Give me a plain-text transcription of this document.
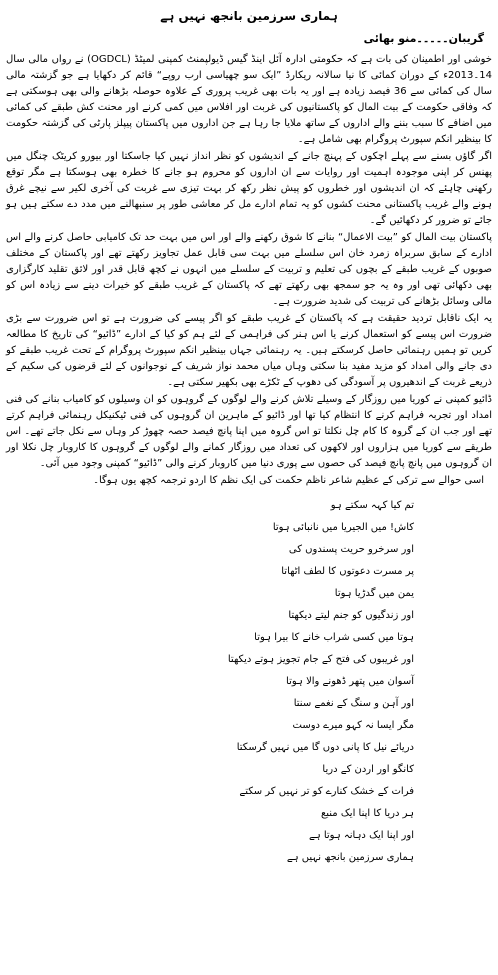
ہماری سرزمین بانجھ نہیں ہے
گریبان۔۔۔۔۔منو بھائی

خوشی اور اطمینان کی بات ہے کہ حکومتی ادارہ آئل اینڈ گیس ڈیولپمنٹ کمپنی لمیٹڈ (OGDCL) نے رواں مالی سال 14۔2013ء کے دوران کمائی کا نیا سالانہ ریکارڈ ”ایک سو چھیاسی ارب روپے“ قائم کر دکھایا ہے جو گزشتہ مالی سال کی کمائی سے 36 فیصد زیادہ ہے اور یہ بات بھی غریب پروری کے علاوہ حوصلہ بڑھانے والی بھی ہوسکتی ہے کہ وفاقی حکومت کے بیت المال کو پاکستانیوں کی غربت اور افلاس میں کمی کرنے اور محنت کش طبقے کی کمائی میں اضافے کا سبب بننے والے اداروں کے ساتھ ملایا جا رہا ہے جن اداروں میں پاکستان پیپلز پارٹی کی گزشتہ حکومت کا بینظیر انکم سپورٹ پروگرام بھی شامل ہے۔

اگر گاؤں بسنے سے پہلے اچکوں کے پہنچ جانے کے اندیشوں کو نظر انداز نہیں کیا جاسکتا اور بیورو کریٹک چنگل میں پھنس کر اپنی موجودہ اہمیت اور روایات سے ان اداروں کو محروم ہو جانے کا خطرہ بھی ہوسکتا ہے مگر توقع رکھنی چاہئے کہ ان اندیشوں اور خطروں کو پیش نظر رکھ کر بہت تیزی سے غربت کی آخری لکیر سے نیچے غرق ہونے والے غریب پاکستانی محنت کشوں کو یہ تمام ادارے مل کر معاشی طور پر سنبھالنے میں مدد دے سکتے ہیں ہو جائے تو ضرور کر دکھائیں گے۔

پاکستان بیت المال کو ”بیت الاعمال“ بنانے کا شوق رکھنے والے اور اس میں بہت حد تک کامیابی حاصل کرنے والے اس ادارے کے سابق سربراہ زمرد خان اس سلسلے میں بہت سی قابل عمل تجاویز رکھتے تھے اور پاکستان کے مختلف صوبوں کے غریب طبقے کے بچوں کی تعلیم و تربیت کے سلسلے میں انہوں نے کچھ قابل قدر اور لائق تقلید کارگزاری بھی دکھائی تھی اور وہ یہ جو سمجھ بھی رکھتے تھے کہ پاکستان کے غریب طبقے کو خیرات دینے سے زیادہ اس کو مالی وسائل بڑھانے کی تربیت کی شدید ضرورت ہے۔

یہ ایک ناقابل تردید حقیقت ہے کہ پاکستان کے غریب طبقے کو اگر پیسے کی ضرورت ہے تو اس ضرورت سے بڑی ضرورت اس پیسے کو استعمال کرنے یا اس ہنر کی فراہمی کے لئے ہم کو کیا کے ادارے ”ڈائیو“ کی تاریخ کا مطالعہ کریں تو ہمیں رہنمائی حاصل کرسکتے ہیں۔ یہ رہنمائی جہاں بینظیر انکم سپورٹ پروگرام کے تحت غریب طبقے کو دی جانے والی امداد کو مزید مفید بنا سکتی وہاں میاں محمد نواز شریف کے نوجوانوں کے لئے قرضوں کی سکیم کے ذریعے غربت کے اندھیروں پر آسودگی کی دھوپ کے ٹکڑے بھی بکھیر سکتی ہے۔

ڈائیو کمپنی نے کوریا میں روزگار کے وسیلے تلاش کرنے والے لوگوں کے گروہوں کو ان وسیلوں کو کامیاب بنانے کی فنی امداد اور تجربہ فراہم کرنے کا انتظام کیا تھا اور ڈائیو کے ماہرین ان گروہوں کی فنی ٹیکنیکل رہنمائی فراہم کرتے تھے اور جب ان کے گروہ کا کام چل نکلتا تو اس گروہ میں اپنا پانچ فیصد حصہ چھوڑ کر وہاں سے نکل جاتے تھے۔ اس طریقے سے کوریا میں ہزاروں اور لاکھوں کی تعداد میں روزگار کمانے والے لوگوں کے گروہوں کا کاروبار چل نکلا اور ان گروہوں میں پانچ پانچ فیصد کی حصوں سے پوری دنیا میں کاروبار کرنے والی ”ڈائیو“ کمپنی وجود میں آئی۔

اسی حوالے سے ترکی کے عظیم شاعر ناظم حکمت کی ایک نظم کا اردو ترجمہ کچھ یوں ہوگا۔
تم کیا کہہ سکتے ہو
کاش! میں الجیریا میں نانبائی ہوتا
اور سرخرو حریت پسندوں کی
پر مسرت دعوتوں کا لطف اٹھاتا
یمن میں گدڑیا ہوتا
اور زندگیوں کو جنم لیتے دیکھتا
ہوتا میں کسی شراب خانے کا بیرا ہوتا
اور غریبوں کی فتح کے جام تجویز ہوتے دیکھتا
آسوان میں پتھر ڈھونے والا ہوتا
اور آہن و سنگ کے نغمے سنتا
مگر ایسا نہ کہو میرے دوست
دریائے نیل کا پانی دوں گا میں نہیں گرسکتا
کانگو اور اردن کے دریا
فرات کے خشک کنارے کو تر نہیں کر سکتے
ہر دریا کا اپنا ایک منبع
اور اپنا ایک دہانہ ہوتا ہے
ہماری سرزمین بانجھ نہیں ہے
